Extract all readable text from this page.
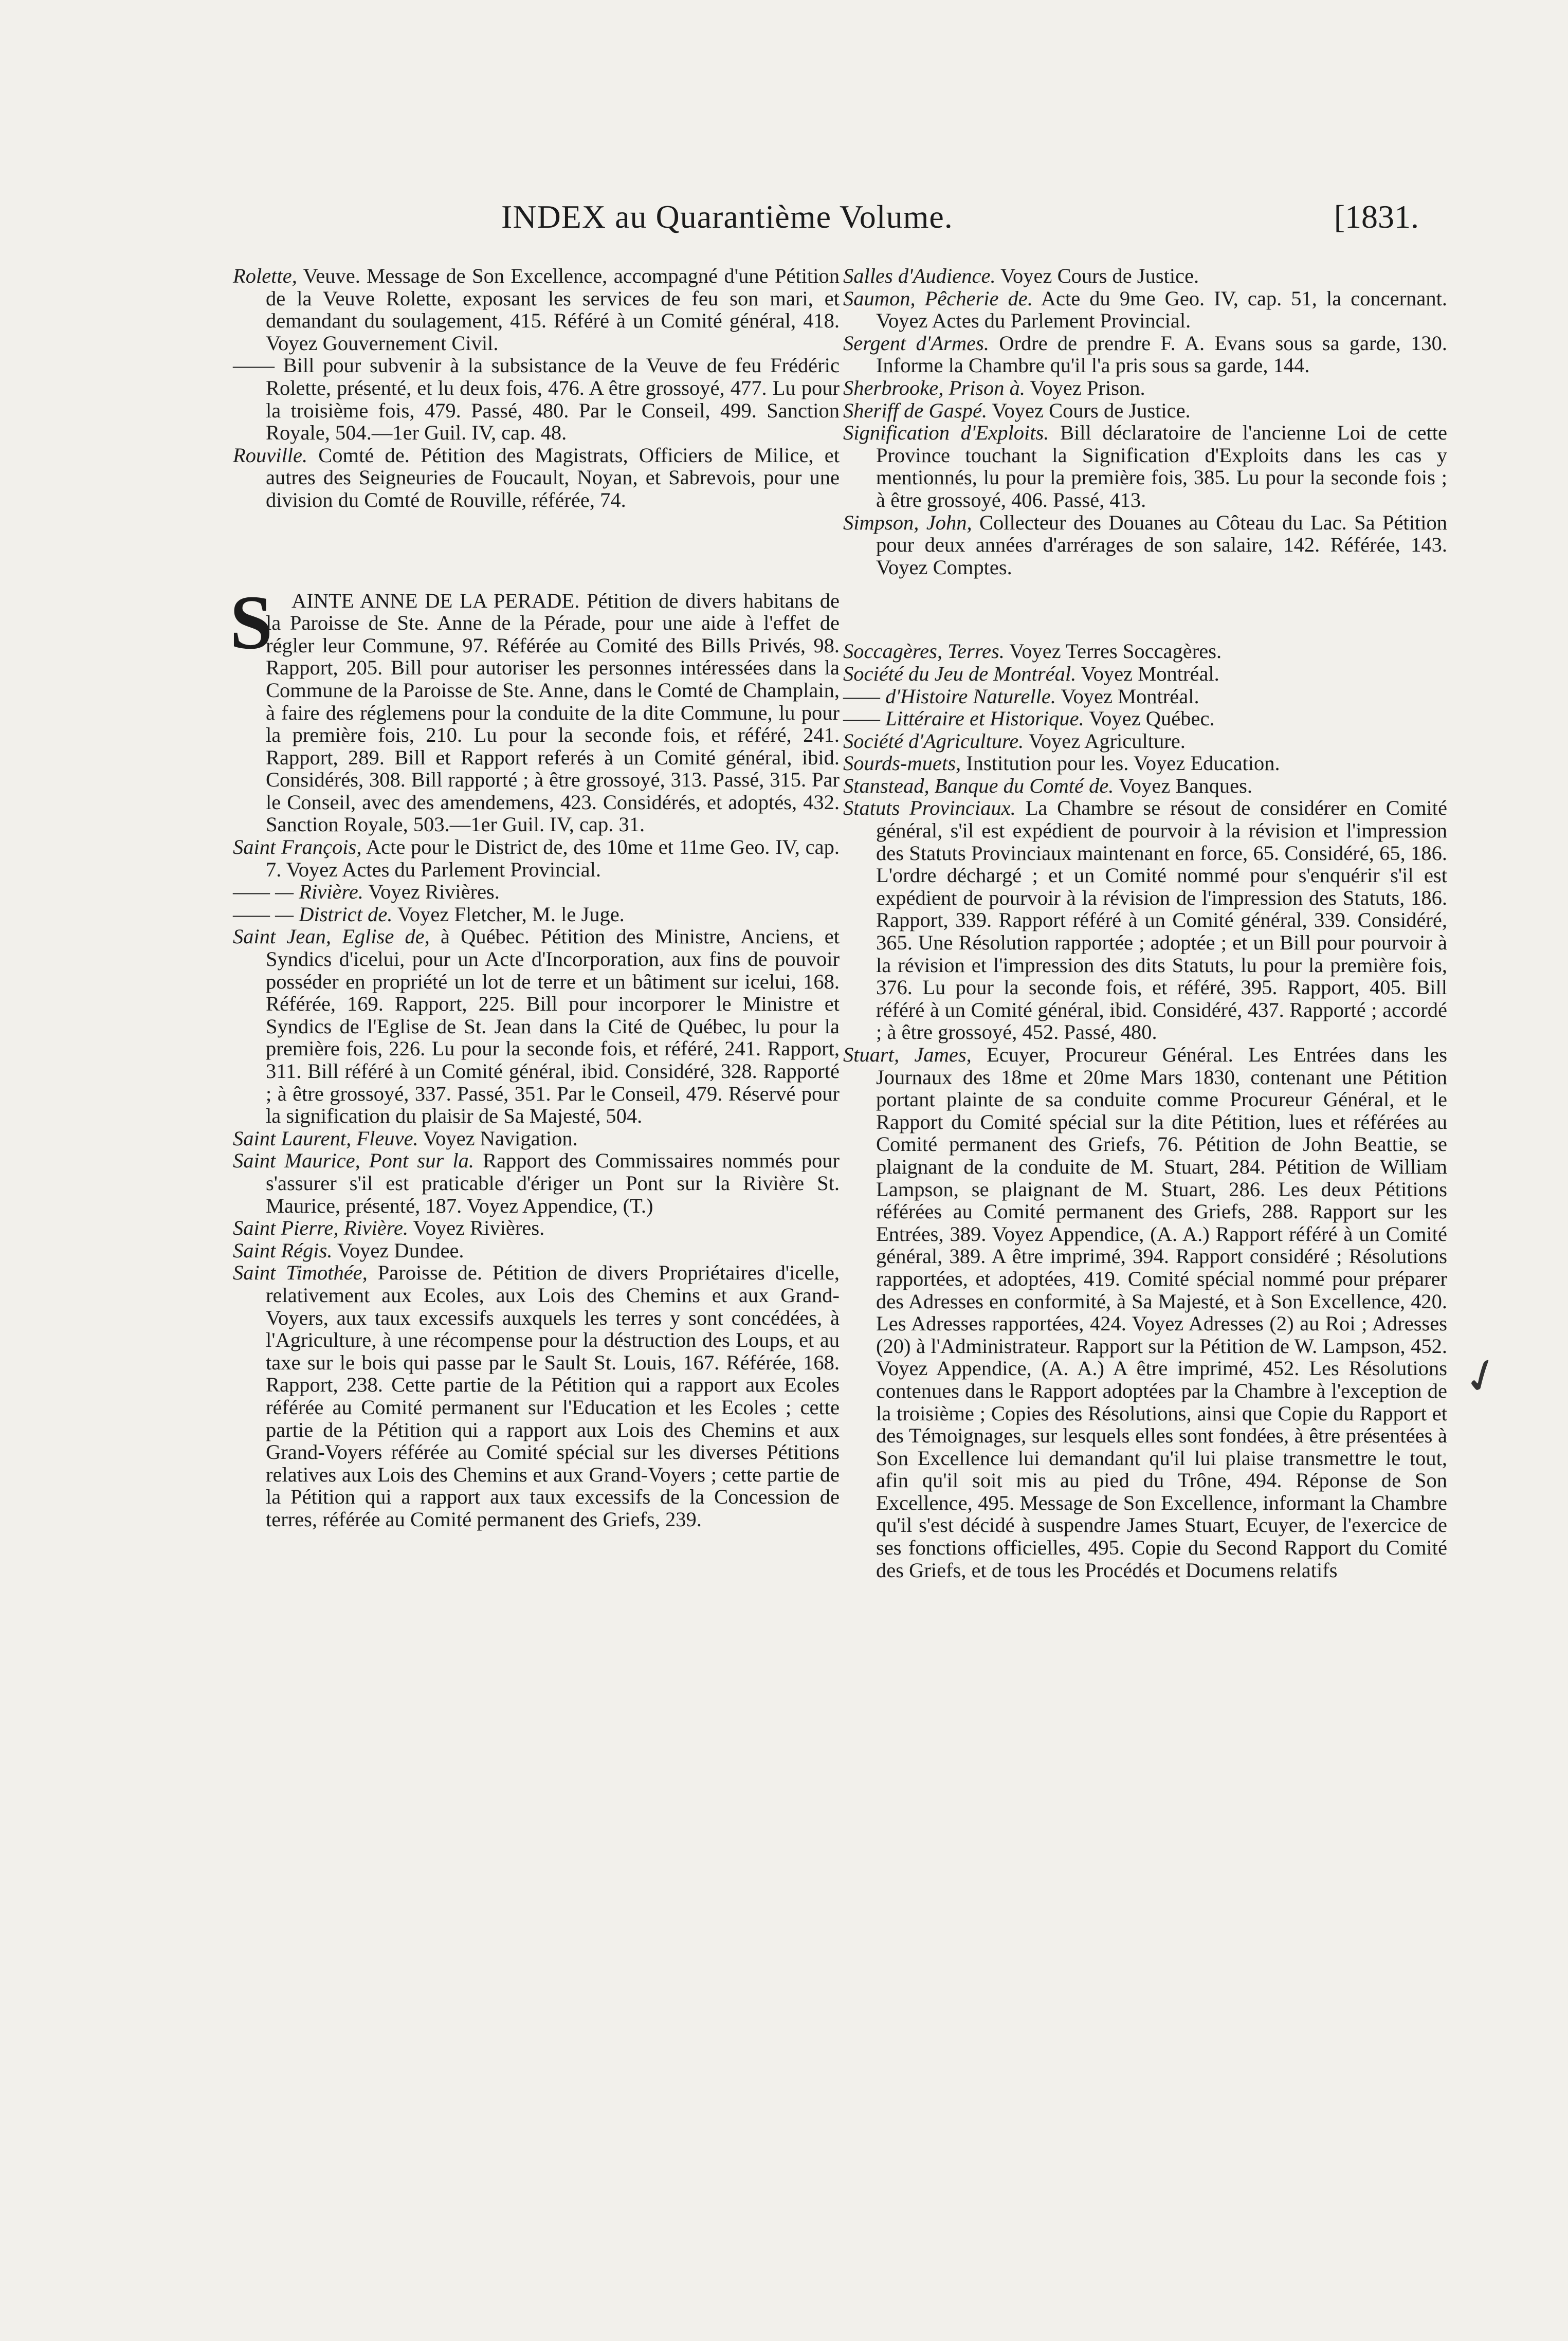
INDEX au Quarantième Volume.	[1831.

Rolette, Veuve. Message de Son Excellence, accompagné d'une Pétition de la Veuve Rolette, exposant les services de feu son mari, et demandant du soulagement, 415. Référé à un Comité général, 418. Voyez Gouvernement Civil.

—— Bill pour subvenir à la subsistance de la Veuve de feu Frédéric Rolette, présenté, et lu deux fois, 476. A être grossoyé, 477. Lu pour la troisième fois, 479. Passé, 480. Par le Conseil, 499. Sanction Royale, 504.—1er Guil. IV, cap. 48.

Rouville. Comté de. Pétition des Magistrats, Officiers de Milice, et autres des Seigneuries de Foucault, Noyan, et Sabrevois, pour une division du Comté de Rouville, référée, 74.

S AINTE ANNE DE LA PERADE. Pétition de divers habitans de la Paroisse de Ste. Anne de la Pérade, pour une aide à l'effet de régler leur Commune, 97. Référée au Comité des Bills Privés, 98. Rapport, 205. Bill pour autoriser les personnes intéressées dans la Commune de la Paroisse de Ste. Anne, dans le Comté de Champlain, à faire des réglemens pour la conduite de la dite Commune, lu pour la première fois, 210. Lu pour la seconde fois, et référé, 241. Rapport, 289. Bill et Rapport referés à un Comité général, ibid. Considérés, 308. Bill rapporté ; à être grossoyé, 313. Passé, 315. Par le Conseil, avec des amendemens, 423. Considérés, et adoptés, 432. Sanction Royale, 503.—1er Guil. IV, cap. 31.

Saint François, Acte pour le District de, des 10me et 11me Geo. IV, cap. 7. Voyez Actes du Parlement Provincial.

—— — Rivière. Voyez Rivières.

—— — District de. Voyez Fletcher, M. le Juge.

Saint Jean, Eglise de, à Québec. Pétition des Ministre, Anciens, et Syndics d'icelui, pour un Acte d'Incorporation, aux fins de pouvoir posséder en propriété un lot de terre et un bâtiment sur icelui, 168. Référée, 169. Rapport, 225. Bill pour incorporer le Ministre et Syndics de l'Eglise de St. Jean dans la Cité de Québec, lu pour la première fois, 226. Lu pour la seconde fois, et référé, 241. Rapport, 311. Bill référé à un Comité général, ibid. Considéré, 328. Rapporté ; à être grossoyé, 337. Passé, 351. Par le Conseil, 479. Réservé pour la signification du plaisir de Sa Majesté, 504.

Saint Laurent, Fleuve. Voyez Navigation.

Saint Maurice, Pont sur la. Rapport des Commissaires nommés pour s'assurer s'il est praticable d'ériger un Pont sur la Rivière St. Maurice, présenté, 187. Voyez Appendice, (T.)

Saint Pierre, Rivière. Voyez Rivières.

Saint Régis. Voyez Dundee.

Saint Timothée, Paroisse de. Pétition de divers Propriétaires d'icelle, relativement aux Ecoles, aux Lois des Chemins et aux Grand-Voyers, aux taux excessifs auxquels les terres y sont concédées, à l'Agriculture, à une récompense pour la déstruction des Loups, et au taxe sur le bois qui passe par le Sault St. Louis, 167. Référée, 168. Rapport, 238. Cette partie de la Pétition qui a rapport aux Ecoles référée au Comité permanent sur l'Education et les Ecoles ; cette partie de la Pétition qui a rapport aux Lois des Chemins et aux Grand-Voyers référée au Comité spécial sur les diverses Pétitions relatives aux Lois des Chemins et aux Grand-Voyers ; cette partie de la Pétition qui a rapport aux taux excessifs de la Concession de terres, référée au Comité permanent des Griefs, 239.

Salles d'Audience. Voyez Cours de Justice.

Saumon, Pêcherie de. Acte du 9me Geo. IV, cap. 51, la concernant. Voyez Actes du Parlement Provincial.

Sergent d'Armes. Ordre de prendre F. A. Evans sous sa garde, 130. Informe la Chambre qu'il l'a pris sous sa garde, 144.

Sherbrooke, Prison à. Voyez Prison.

Sheriff de Gaspé. Voyez Cours de Justice.

Signification d'Exploits. Bill déclaratoire de l'ancienne Loi de cette Province touchant la Signification d'Exploits dans les cas y mentionnés, lu pour la première fois, 385. Lu pour la seconde fois ; à être grossoyé, 406. Passé, 413.

Simpson, John, Collecteur des Douanes au Côteau du Lac. Sa Pétition pour deux années d'arrérages de son salaire, 142. Référée, 143. Voyez Comptes.

Soccagères, Terres. Voyez Terres Soccagères.

Société du Jeu de Montréal. Voyez Montréal.

—— d'Histoire Naturelle. Voyez Montréal.

—— Littéraire et Historique. Voyez Québec.

Société d'Agriculture. Voyez Agriculture.

Sourds-muets, Institution pour les. Voyez Education.

Stanstead, Banque du Comté de. Voyez Banques.

Statuts Provinciaux. La Chambre se résout de considérer en Comité général, s'il est expédient de pourvoir à la révision et l'impression des Statuts Provinciaux maintenant en force, 65. Considéré, 65, 186. L'ordre déchargé ; et un Comité nommé pour s'enquérir s'il est expédient de pourvoir à la révision de l'impression des Statuts, 186. Rapport, 339. Rapport référé à un Comité général, 339. Considéré, 365. Une Résolution rapportée ; adoptée ; et un Bill pour pourvoir à la révision et l'impression des dits Statuts, lu pour la première fois, 376. Lu pour la seconde fois, et référé, 395. Rapport, 405. Bill référé à un Comité général, ibid. Considéré, 437. Rapporté ; accordé ; à être grossoyé, 452. Passé, 480.

Stuart, James, Ecuyer, Procureur Général. Les Entrées dans les Journaux des 18me et 20me Mars 1830, contenant une Pétition portant plainte de sa conduite comme Procureur Général, et le Rapport du Comité spécial sur la dite Pétition, lues et référées au Comité permanent des Griefs, 76. Pétition de John Beattie, se plaignant de la conduite de M. Stuart, 284. Pétition de William Lampson, se plaignant de M. Stuart, 286. Les deux Pétitions référées au Comité permanent des Griefs, 288. Rapport sur les Entrées, 389. Voyez Appendice, (A. A.) Rapport référé à un Comité général, 389. A être imprimé, 394. Rapport considéré ; Résolutions rapportées, et adoptées, 419. Comité spécial nommé pour préparer des Adresses en conformité, à Sa Majesté, et à Son Excellence, 420. Les Adresses rapportées, 424. Voyez Adresses (2) au Roi ; Adresses (20) à l'Administrateur. Rapport sur la Pétition de W. Lampson, 452. Voyez Appendice, (A. A.) A être imprimé, 452. Les Résolutions contenues dans le Rapport adoptées par la Chambre à l'exception de la troisième ; Copies des Résolutions, ainsi que Copie du Rapport et des Témoignages, sur lesquels elles sont fondées, à être présentées à Son Excellence lui demandant qu'il lui plaise transmettre le tout, afin qu'il soit mis au pied du Trône, 494. Réponse de Son Excellence, 495. Message de Son Excellence, informant la Chambre qu'il s'est décidé à suspendre James Stuart, Ecuyer, de l'exercice de ses fonctions officielles, 495. Copie du Second Rapport du Comité des Griefs, et de tous les Procédés et Documens relatifs

✓
